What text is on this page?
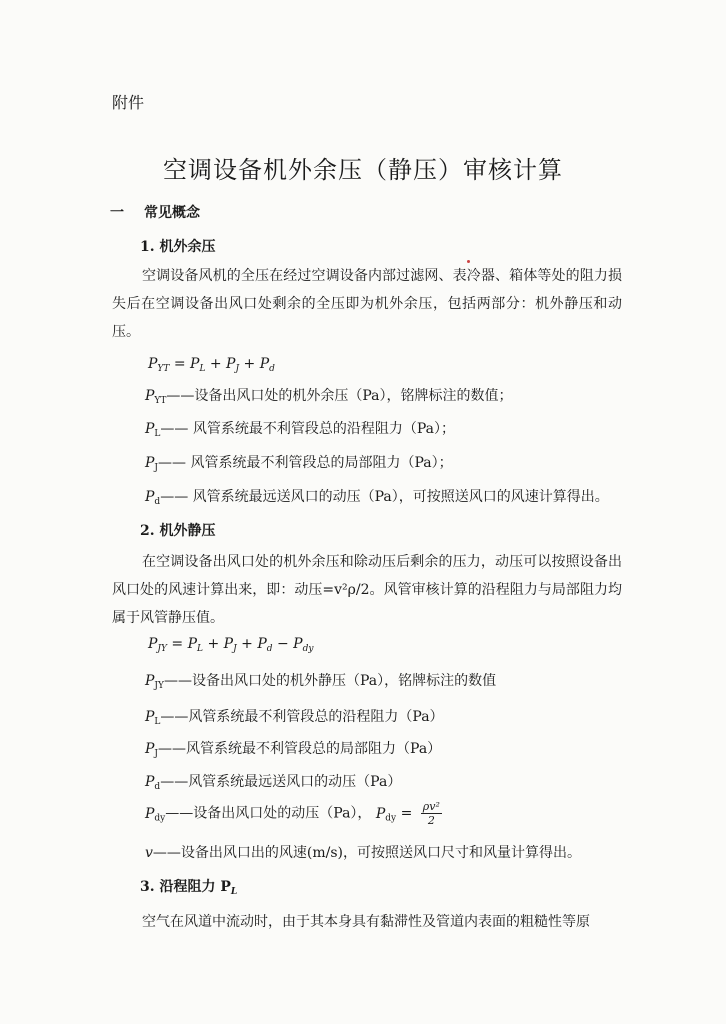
附件
空调设备机外余压（静压）审核计算
一 常见概念
1. 机外余压
空调设备风机的全压在经过空调设备内部过滤网、表冷器、箱体等处的阻力损失后在空调设备出风口处剩余的全压即为机外余压，包括两部分：机外静压和动压。
$P_{YT} = P_L + P_J + P_d$
$P_{YT}——$设备出风口处的机外余压（Pa），铭牌标注的数值；
$P_L——$ 风管系统最不利管段总的沿程阻力（Pa）；
$P_J——$ 风管系统最不利管段总的局部阻力（Pa）；
$P_d——$ 风管系统最远送风口的动压（Pa），可按照送风口的风速计算得出。
2. 机外静压
在空调设备出风口处的机外余压和除动压后剩余的压力，动压可以按照设备出风口处的风速计算出来，即：动压=v²ρ/2。风管审核计算的沿程阻力与局部阻力均属于风管静压值。
$P_{JY} = P_L + P_J + P_d - P_{dy}$
$P_{JY}——$设备出风口处的机外静压（Pa），铭牌标注的数值
$P_L——$风管系统最不利管段总的沿程阻力（Pa）
$P_J——$风管系统最不利管段总的局部阻力（Pa）
$P_d——$风管系统最远送风口的动压（Pa）
$P_{dy}——$设备出风口处的动压（Pa）， $P_{dy} = \frac{\text{ρv²}}{2}$
v——设备出风口出的风速(m/s)，可按照送风口尺寸和风量计算得出。
3. 沿程阻力 $P_L$
空气在风道中流动时，由于其本身具有黏滞性及管道内表面的粗糙性等原
